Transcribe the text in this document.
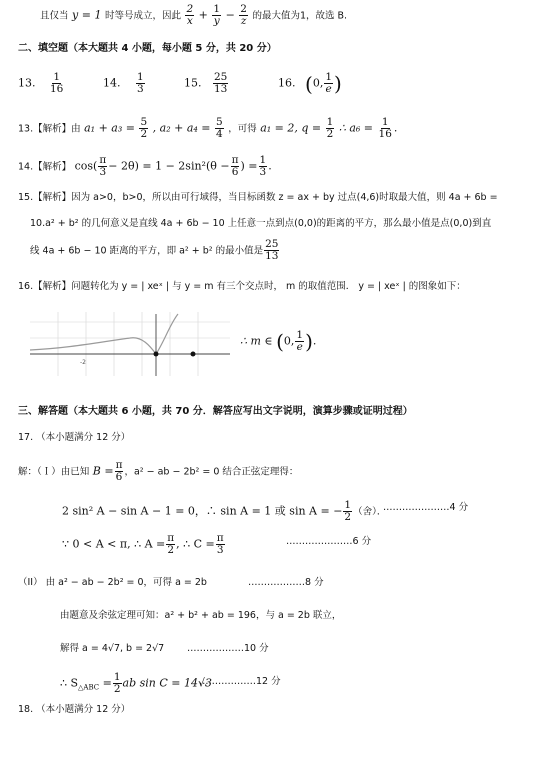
且仅当 y = 1 时等号成立，因此 $\frac{2}{x} + \frac{1}{y} - \frac{2}{z}$ 的最大值为1，故选 B.
二、填空题（本大题共 4 小题，每小题 5 分，共 20 分）
13. $\frac{1}{16}$	14. $\frac{1}{3}$	15. $\frac{25}{13}$	16. (0, $\frac{1}{e}$ )
13.【解析】由 $a_1 + a_3 = \frac{5}{2}$ , $a_2 + a_4 = \frac{5}{4}$ ，可得 a₁ = 2, $q = \frac{1}{2}$ ∴ $a_6 = \frac{1}{16}$ .
14.【解析】 $\cos( \frac{\pi}{3} - 2\theta) = 1 - 2\sin^2(\theta - \frac{\pi}{6}$ ) = $\frac{1}{3}$ .
15.【解析】因为 a>0，b>0，所以由可行域得，当目标函数 z = ax + by 过点(4,6)时取最大值，则 4a + 6b =
10.a² + b² 的几何意义是直线 4a + 6b − 10 上任意一点到点(0,0)的距离的平方，那么最小值是点(0,0)到直
线 4a + 6b − 10 距离的平方，即 a² + b² 的最小值是 $\frac{25}{13}$
16.【解析】问题转化为 y = | xeˣ | 与 y = m 有三个交点时， m 的取值范围． y = | xeˣ | 的图象如下：
-2
∴ m ∈ (0, $\frac{1}{e}$ ).
三、解答题（本大题共 6 小题，共 70 分．解答应写出文字说明，演算步骤或证明过程）
17. （本小题满分 12 分）
解：（Ｉ）由已知 $B = \frac{\pi}{6}$ ，a² − ab − 2b² = 0 结合正弦定理得：
2 sin² A − sin A − 1 = 0，∴ sin A = 1 或 sin A = − $\frac{1}{2}$ （舍）．
…………………4 分
∵ 0 < A < π, ∴ $A = \frac{\pi}{2}$ , ∴ $C = \frac{\pi}{3}$	…………………6 分
（II） 由 a² − ab − 2b² = 0，可得 a = 2b	………………8 分
由题意及余弦定理可知：a² + b² + ab = 196，与 a = 2b 联立，
解得 a = 4√7, b = 2√7 ………………10 分
∴ $S_{\triangle ABC} = \frac{1}{2}$ ab sin C = 14√3
………………12 分
18. （本小题满分 12 分）
